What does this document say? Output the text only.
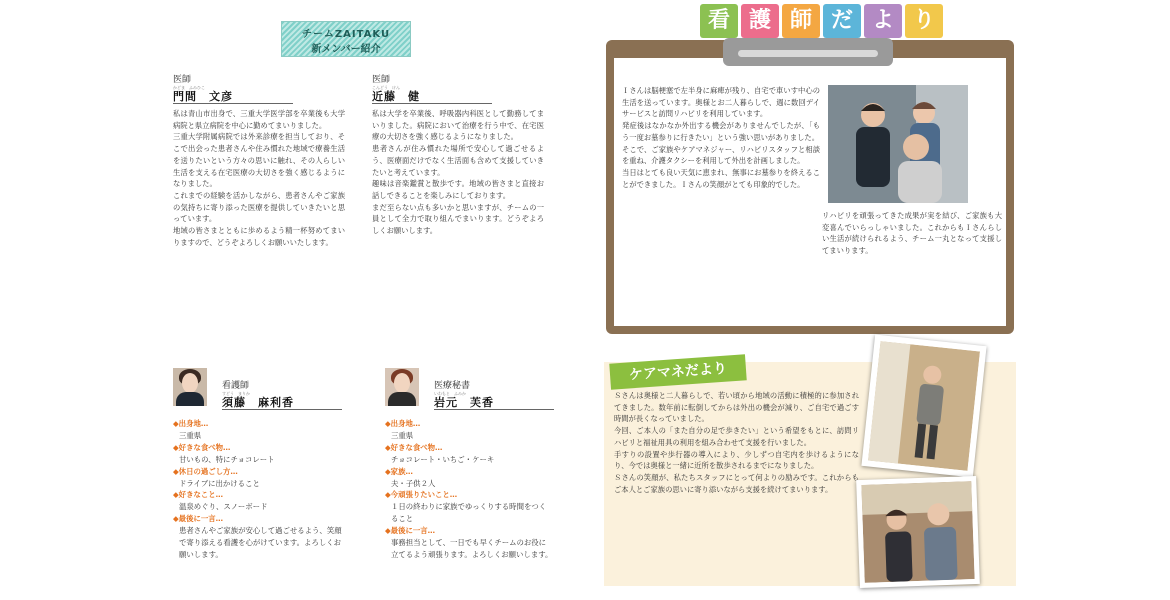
チームZAITAKU
新メンバー紹介
医師
かどま　ふみひこ
門間　文彦
私は青山市出身で、三重大学医学部を卒業後も大学病院と県立病院を中心に勤めてまいりました。
三重大学附属病院では外来診療を担当しており、そこで出会った患者さんや住み慣れた地域で療養生活を送りたいという方々の思いに触れ、その人らしい生活を支える在宅医療の大切さを強く感じるようになりました。
これまでの経験を活かしながら、患者さんやご家族の気持ちに寄り添った医療を提供していきたいと思っています。
地域の皆さまとともに歩めるよう精一杯努めてまいりますので、どうぞよろしくお願いいたします。
医師
こんどう　けん
近藤　健
私は大学を卒業後、呼吸器内科医として勤務してまいりました。病院において治療を行う中で、在宅医療の大切さを強く感じるようになりました。
患者さんが住み慣れた場所で安心して過ごせるよう、医療面だけでなく生活面も含めて支援していきたいと考えています。
趣味は音楽鑑賞と散歩です。地域の皆さまと直接お話しできることを楽しみにしております。
まだ至らない点も多いかと思いますが、チームの一員として全力で取り組んでまいります。どうぞよろしくお願いします。
看護師
すどう　まりか
須藤　麻利香
◆出身地…
三重県
◆好きな食べ物…
甘いもの、特にチョコレート
◆休日の過ごし方…
ドライブに出かけること
◆好きなこと…
温泉めぐり、スノーボード
◆最後に一言…
患者さんやご家族が安心して過ごせるよう、笑顔で寄り添える看護を心がけています。よろしくお願いします。
医療秘書
いわもと　ふみか
岩元　芙香
◆出身地…
三重県
◆好きな食べ物…
チョコレート・いちご・ケーキ
◆家族…
夫・子供２人
◆今頑張りたいこと…
１日の終わりに家族でゆっくりする時間をつくること
◆最後に一言…
事務担当として、一日でも早くチームのお役に立てるよう頑張ります。よろしくお願いします。
看 護 師 だ よ り
Ｉさんは脳梗塞で左半身に麻痺が残り、自宅で車いす中心の生活を送っています。奥様とお二人暮らしで、週に数回デイサービスと訪問リハビリを利用しています。
発症後はなかなか外出する機会がありませんでしたが、「もう一度お墓参りに行きたい」という強い思いがありました。
そこで、ご家族やケアマネジャー、リハビリスタッフと相談を重ね、介護タクシーを利用して外出を計画しました。
当日はとても良い天気に恵まれ、無事にお墓参りを終えることができました。Ｉさんの笑顔がとても印象的でした。
リハビリを頑張ってきた成果が実を結び、ご家族も大変喜んでいらっしゃいました。これからもＩさんらしい生活が続けられるよう、チーム一丸となって支援してまいります。
ケアマネだより
Ｓさんは奥様と二人暮らしで、若い頃から地域の活動に積極的に参加されてきました。数年前に転倒してからは外出の機会が減り、ご自宅で過ごす時間が長くなっていました。
今回、ご本人の「また自分の足で歩きたい」という希望をもとに、訪問リハビリと福祉用具の利用を組み合わせて支援を行いました。
手すりの設置や歩行器の導入により、少しずつ自宅内を歩けるようになり、今では奥様と一緒に近所を散歩されるまでになりました。
Ｓさんの笑顔が、私たちスタッフにとって何よりの励みです。これからもご本人とご家族の思いに寄り添いながら支援を続けてまいります。
